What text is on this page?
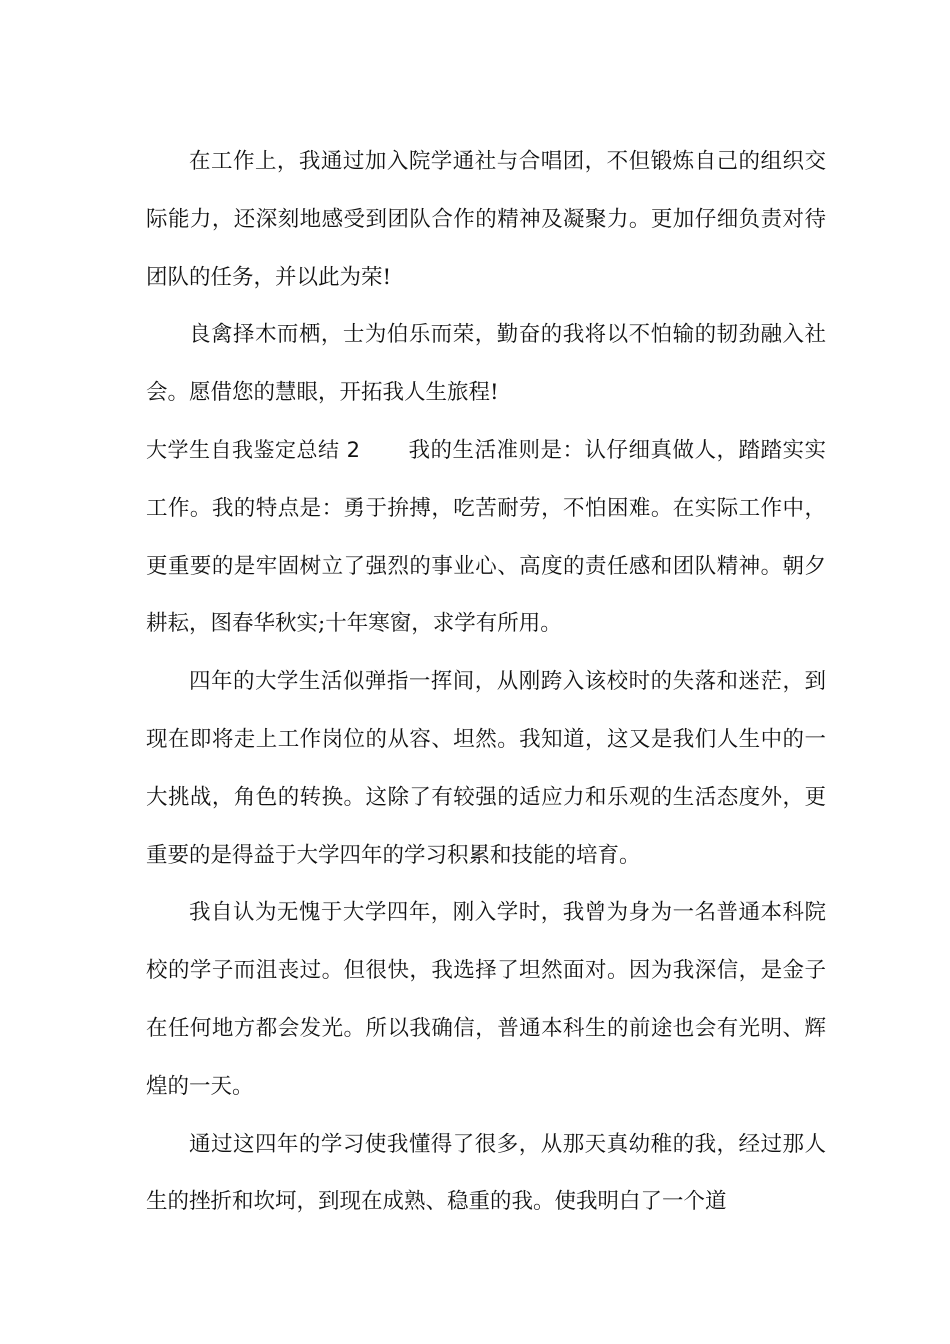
在工作上，我通过加入院学通社与合唱团，不但锻炼自己的组织交际能力，还深刻地感受到团队合作的精神及凝聚力。更加仔细负责对待团队的任务，并以此为荣!

良禽择木而栖，士为伯乐而荣，勤奋的我将以不怕输的韧劲融入社会。愿借您的慧眼，开拓我人生旅程!

大学生自我鉴定总结 2 我的生活准则是：认仔细真做人，踏踏实实工作。我的特点是：勇于拚搏，吃苦耐劳，不怕困难。在实际工作中，更重要的是牢固树立了强烈的事业心、高度的责任感和团队精神。朝夕耕耘，图春华秋实;十年寒窗，求学有所用。

四年的大学生活似弹指一挥间，从刚跨入该校时的失落和迷茫，到现在即将走上工作岗位的从容、坦然。我知道，这又是我们人生中的一大挑战，角色的转换。这除了有较强的适应力和乐观的生活态度外，更重要的是得益于大学四年的学习积累和技能的培育。

我自认为无愧于大学四年，刚入学时，我曾为身为一名普通本科院校的学子而沮丧过。但很快，我选择了坦然面对。因为我深信，是金子在任何地方都会发光。所以我确信，普通本科生的前途也会有光明、辉煌的一天。

通过这四年的学习使我懂得了很多，从那天真幼稚的我，经过那人生的挫折和坎坷，到现在成熟、稳重的我。使我明白了一个道
